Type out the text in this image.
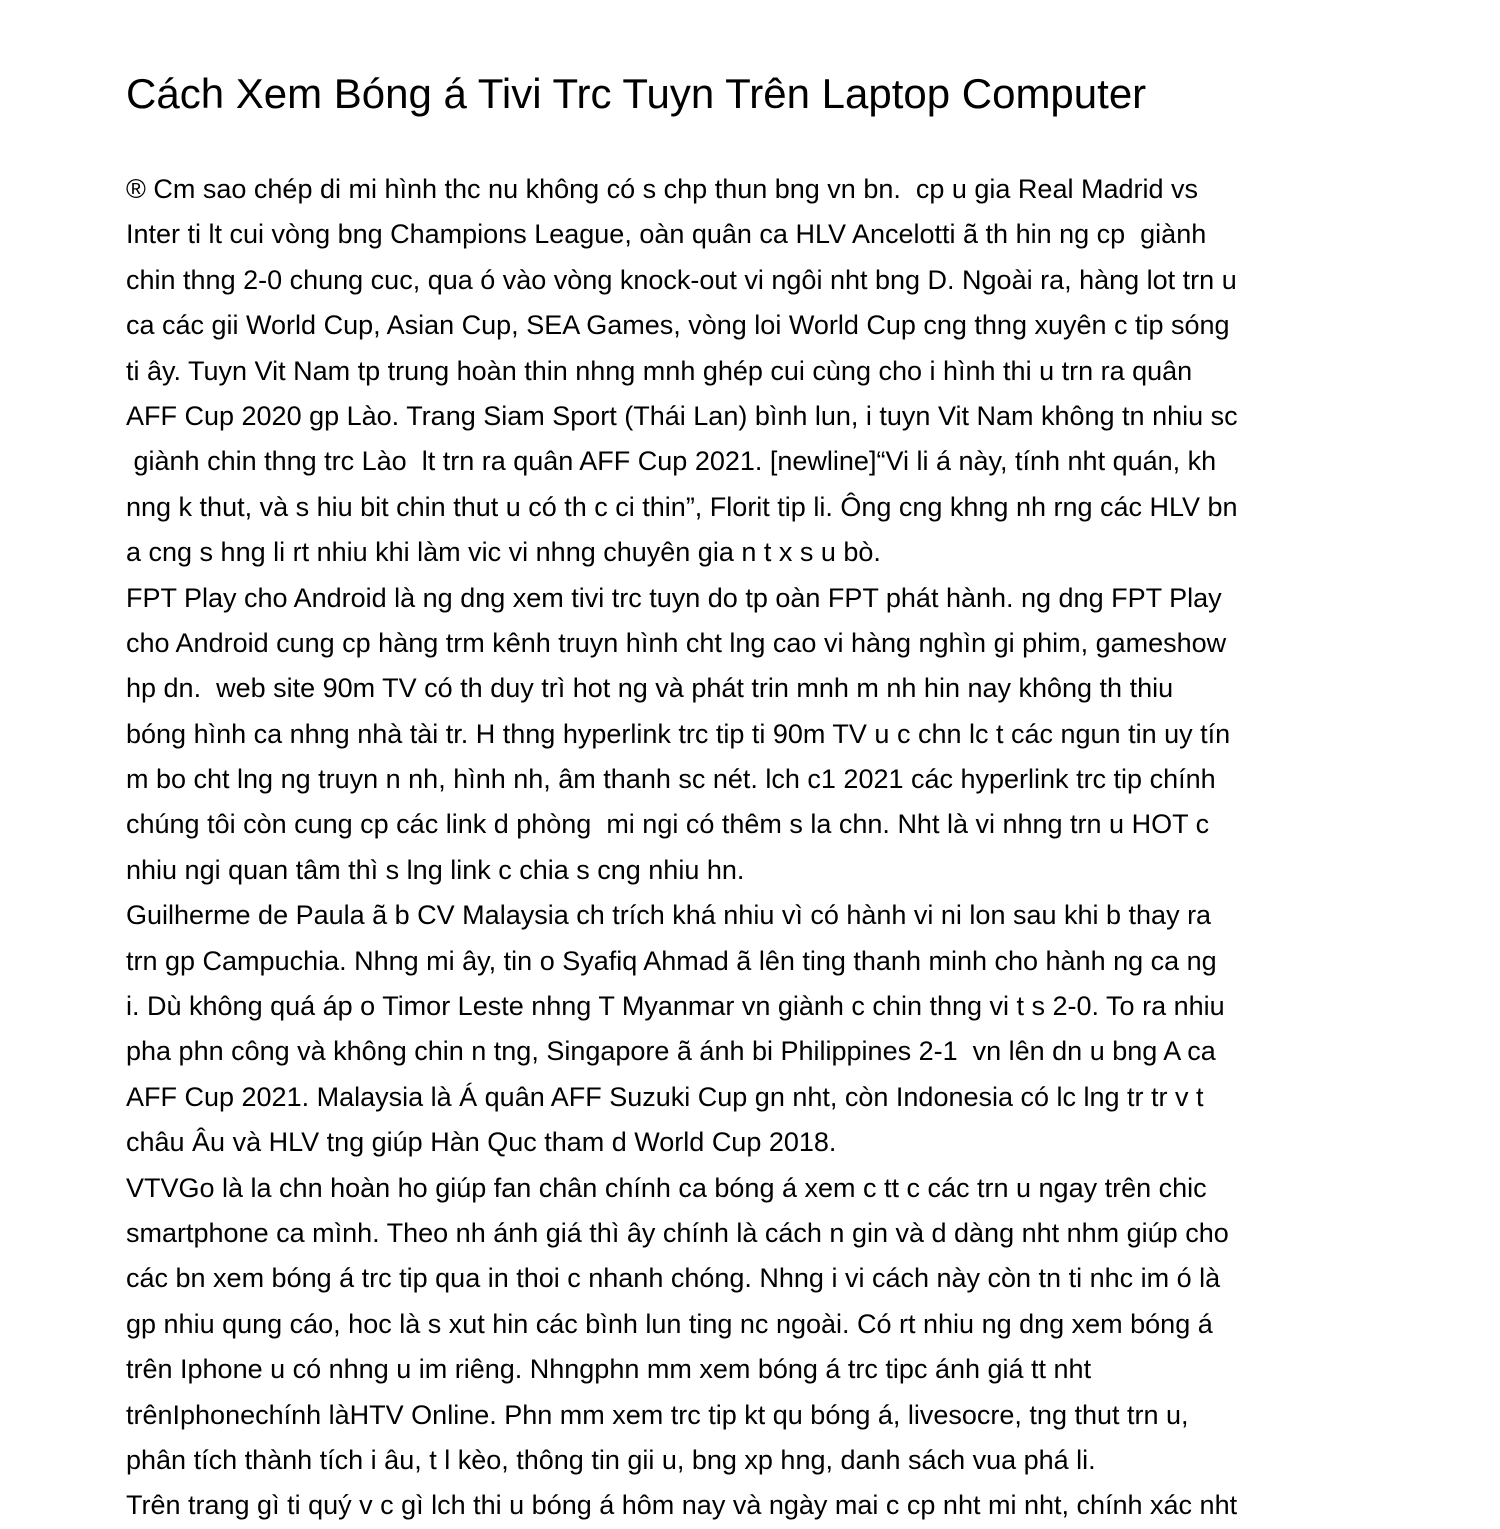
Cách Xem Bóng á Tivi Trc Tuyn Trên Laptop Computer
® Cm sao chép di mi hình thc nu không có s chp thun bng vn bn.  cp u gia Real Madrid vs
Inter ti lt cui vòng bng Champions League, oàn quân ca HLV Ancelotti ã th hin ng cp  giành
chin thng 2-0 chung cuc, qua ó vào vòng knock-out vi ngôi nht bng D. Ngoài ra, hàng lot trn u
ca các gii World Cup, Asian Cup, SEA Games, vòng loi World Cup cng thng xuyên c tip sóng
ti ây. Tuyn Vit Nam tp trung hoàn thin nhng mnh ghép cui cùng cho i hình thi u trn ra quân
AFF Cup 2020 gp Lào. Trang Siam Sport (Thái Lan) bình lun, i tuyn Vit Nam không tn nhiu sc
giành chin thng trc Lào  lt trn ra quân AFF Cup 2021. [newline]“Vi li á này, tính nht quán, kh
nng k thut, và s hiu bit chin thut u có th c ci thin”, Florit tip li. Ông cng khng nh rng các HLV bn
a cng s hng li rt nhiu khi làm vic vi nhng chuyên gia n t x s u bò.
FPT Play cho Android là ng dng xem tivi trc tuyn do tp oàn FPT phát hành. ng dng FPT Play
cho Android cung cp hàng trm kênh truyn hình cht lng cao vi hàng nghìn gi phim, gameshow
hp dn.  web site 90m TV có th duy trì hot ng và phát trin mnh m nh hin nay không th thiu
bóng hình ca nhng nhà tài tr. H thng hyperlink trc tip ti 90m TV u c chn lc t các ngun tin uy tín
m bo cht lng ng truyn n nh, hình nh, âm thanh sc nét. lch c1 2021 các hyperlink trc tip chính
chúng tôi còn cung cp các link d phòng  mi ngi có thêm s la chn. Nht là vi nhng trn u HOT c
nhiu ngi quan tâm thì s lng link c chia s cng nhiu hn.
Guilherme de Paula ã b CV Malaysia ch trích khá nhiu vì có hành vi ni lon sau khi b thay ra
trn gp Campuchia. Nhng mi ây, tin o Syafiq Ahmad ã lên ting thanh minh cho hành ng ca ng
i. Dù không quá áp o Timor Leste nhng T Myanmar vn giành c chin thng vi t s 2-0. To ra nhiu
pha phn công và không chin n tng, Singapore ã ánh bi Philippines 2-1  vn lên dn u bng A ca
AFF Cup 2021. Malaysia là Á quân AFF Suzuki Cup gn nht, còn Indonesia có lc lng tr tr v t
châu Âu và HLV tng giúp Hàn Quc tham d World Cup 2018.
VTVGo là la chn hoàn ho giúp fan chân chính ca bóng á xem c tt c các trn u ngay trên chic
smartphone ca mình. Theo nh ánh giá thì ây chính là cách n gin và d dàng nht nhm giúp cho
các bn xem bóng á trc tip qua in thoi c nhanh chóng. Nhng i vi cách này còn tn ti nhc im ó là
gp nhiu qung cáo, hoc là s xut hin các bình lun ting nc ngoài. Có rt nhiu ng dng xem bóng á
trên Iphone u có nhng u im riêng. Nhngphn mm xem bóng á trc tipc ánh giá tt nht
trênIphonechính làHTV Online. Phn mm xem trc tip kt qu bóng á, livesocre, tng thut trn u,
phân tích thành tích i âu, t l kèo, thông tin gii u, bng xp hng, danh sách vua phá li.
Trên trang gì ti quý v c gì lch thi u bóng á hôm nay và ngày mai c cp nht mi nht, chính xác nht
